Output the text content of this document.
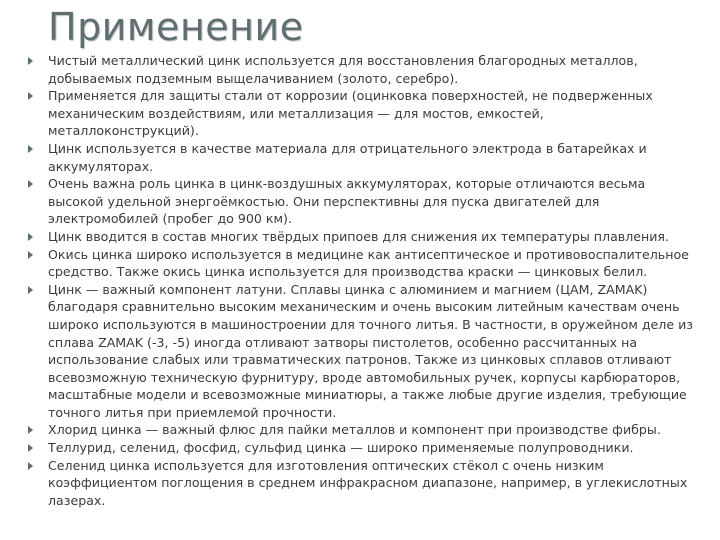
Применение
Чистый металлический цинк используется для восстановления благородных металлов, добываемых подземным выщелачиванием (золото, серебро).
Применяется для защиты стали от коррозии (оцинковка поверхностей, не подверженных механическим воздействиям, или металлизация — для мостов, емкостей, металлоконструкций).
Цинк используется в качестве материала для отрицательного электрода в батарейках и аккумуляторах.
Очень важна роль цинка в цинк-воздушных аккумуляторах, которые отличаются весьма высокой удельной энергоёмкостью. Они перспективны для пуска двигателей для электромобилей (пробег до 900 км).
Цинк вводится в состав многих твёрдых припоев для снижения их температуры плавления.
Окись цинка широко используется в медицине как антисептическое и противовоспалительное средство. Также окись цинка используется для производства краски — цинковых белил.
Цинк — важный компонент латуни. Сплавы цинка с алюминием и магнием (ЦАМ, ZAMAK) благодаря сравнительно высоким механическим и очень высоким литейным качествам очень широко используются в машиностроении для точного литья. В частности, в оружейном деле из сплава ZAMAK (-3, -5) иногда отливают затворы пистолетов, особенно рассчитанных на использование слабых или травматических патронов. Также из цинковых сплавов отливают всевозможную техническую фурнитуру, вроде автомобильных ручек, корпусы карбюраторов, масштабные модели и всевозможные миниатюры, а также любые другие изделия, требующие точного литья при приемлемой прочности.
Хлорид цинка — важный флюс для пайки металлов и компонент при производстве фибры.
Теллурид, селенид, фосфид, сульфид цинка — широко применяемые полупроводники.
Селенид цинка используется для изготовления оптических стёкол с очень низким коэффициентом поглощения в среднем инфракрасном диапазоне, например, в углекислотных лазерах.
